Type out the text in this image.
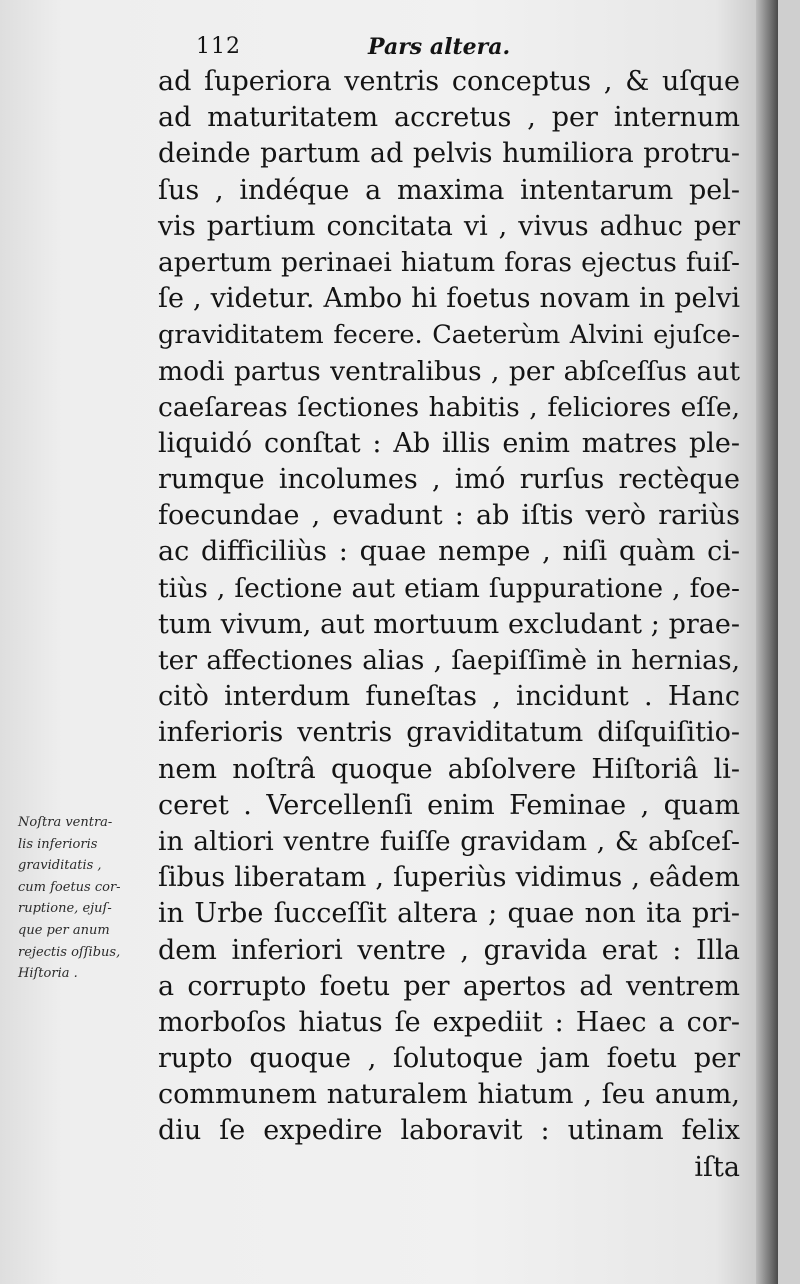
112	Pars altera.
Noſtra ventra-
lis inferioris
graviditatis ,
cum foetus cor-
ruptione, ejuſ-
que per anum
rejectis oſſibus,
Hiſtoria .
ad ſuperiora ventris conceptus , & uſque
ad maturitatem accretus , per internum
deinde partum ad pelvis humiliora protru-
ſus , indéque a maxima intentarum pel-
vis partium concitata vi , vivus adhuc per
apertum perinaei hiatum foras ejectus fuiſ-
ſe , videtur. Ambo hi foetus novam in pelvi
graviditatem fecere. Caeterùm Alvini ejuſce-
modi partus ventralibus , per abſceſſus aut
caeſareas ſectiones habitis , feliciores eſſe,
liquidó conſtat : Ab illis enim matres ple-
rumque incolumes , imó rurſus rectèque
foecundae , evadunt : ab iſtis verò rariùs
ac difficiliùs : quae nempe , niſi quàm ci-
tiùs , ſectione aut etiam ſuppuratione , foe-
tum vivum, aut mortuum excludant ; prae-
ter affectiones alias , ſaepiſſimè in hernias,
citò interdum funeſtas , incidunt . Hanc
inferioris ventris graviditatum diſquiſitio-
nem noſtrâ quoque abſolvere Hiſtoriâ li-
ceret . Vercellenſi enim Feminae , quam
in altiori ventre fuiſſe gravidam , & abſceſ-
ſibus liberatam , ſuperiùs vidimus , eâdem
in Urbe ſucceſſit altera ; quae non ita pri-
dem inferiori ventre , gravida erat : Illa
a corrupto foetu per apertos ad ventrem
morboſos hiatus ſe expediit : Haec a cor-
rupto quoque , ſolutoque jam foetu per
communem naturalem hiatum , ſeu anum,
diu ſe expedire laboravit : utinam felix
iſta
